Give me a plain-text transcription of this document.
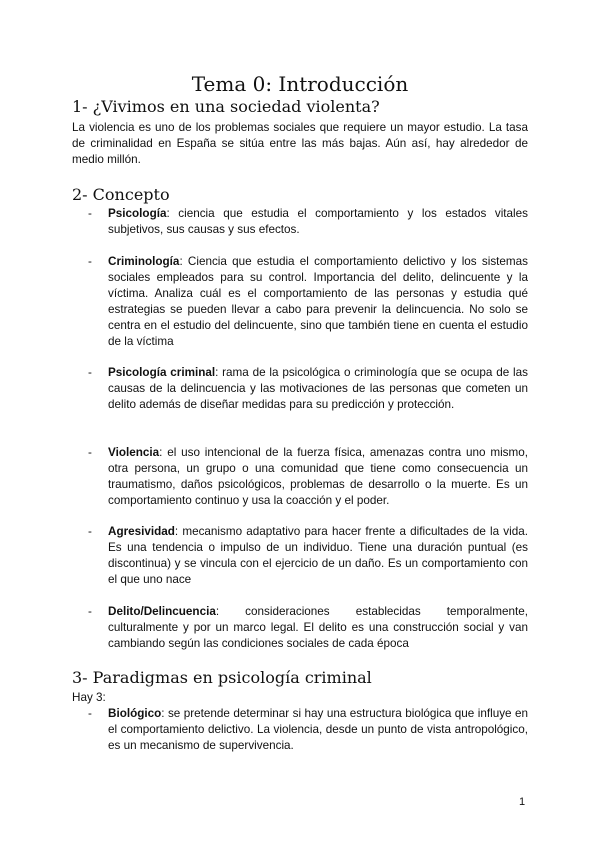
Tema 0: Introducción
1- ¿Vivimos en una sociedad violenta?

La violencia es uno de los problemas sociales que requiere un mayor estudio. La tasa de criminalidad en España se sitúa entre las más bajas. Aún así, hay alrededor de medio millón.

2- Concepto
- Psicología: ciencia que estudia el comportamiento y los estados vitales subjetivos, sus causas y sus efectos.
- Criminología: Ciencia que estudia el comportamiento delictivo y los sistemas sociales empleados para su control. Importancia del delito, delincuente y la víctima. Analiza cuál es el comportamiento de las personas y estudia qué estrategias se pueden llevar a cabo para prevenir la delincuencia. No solo se centra en el estudio del delincuente, sino que también tiene en cuenta el estudio de la víctima
- Psicología criminal: rama de la psicológica o criminología que se ocupa de las causas de la delincuencia y las motivaciones de las personas que cometen un delito además de diseñar medidas para su predicción y protección.
- Violencia: el uso intencional de la fuerza física, amenazas contra uno mismo, otra persona, un grupo o una comunidad que tiene como consecuencia un traumatismo, daños psicológicos, problemas de desarrollo o la muerte. Es un comportamiento continuo y usa la coacción y el poder.
- Agresividad: mecanismo adaptativo para hacer frente a dificultades de la vida. Es una tendencia o impulso de un individuo. Tiene una duración puntual (es discontinua) y se vincula con el ejercicio de un daño. Es un comportamiento con el que uno nace
- Delito/Delincuencia: consideraciones establecidas temporalmente, culturalmente y por un marco legal. El delito es una construcción social y van cambiando según las condiciones sociales de cada época
3- Paradigmas en psicología criminal

Hay 3:

- Biológico: se pretende determinar si hay una estructura biológica que influye en el comportamiento delictivo. La violencia, desde un punto de vista antropológico, es un mecanismo de supervivencia.
1
